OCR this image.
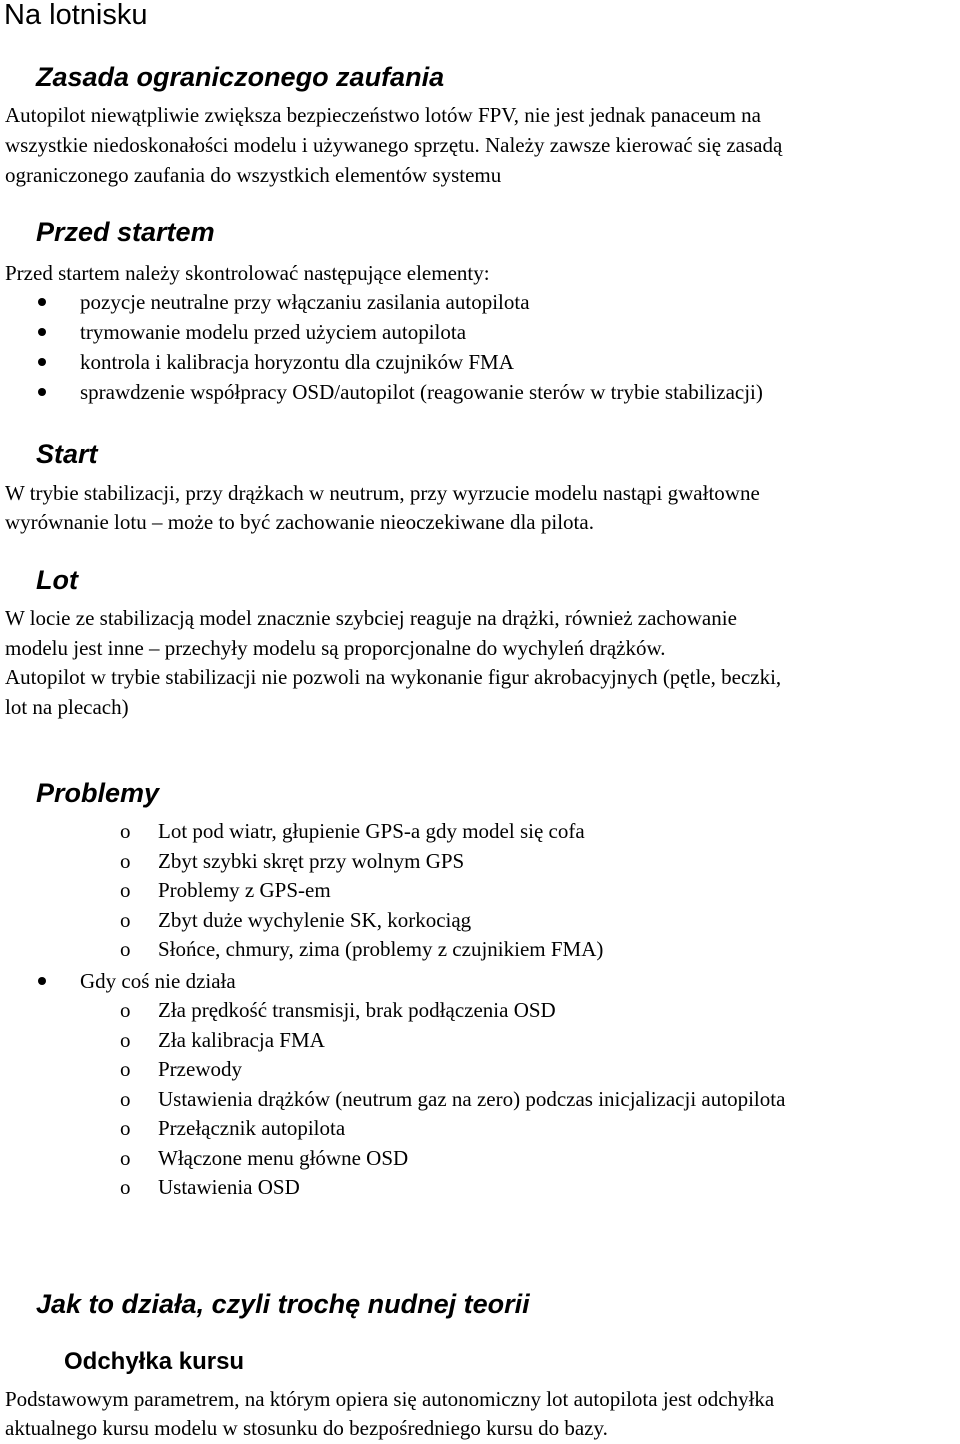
Na lotnisku
Zasada ograniczonego zaufania
Autopilot niewątpliwie zwiększa bezpieczeństwo lotów FPV, nie jest jednak panaceum na
wszystkie niedoskonałości modelu i używanego sprzętu. Należy zawsze kierować się zasadą
ograniczonego zaufania do wszystkich elementów systemu
Przed startem
Przed startem należy skontrolować następujące elementy:
pozycje neutralne przy włączaniu zasilania autopilota
trymowanie modelu przed użyciem autopilota
kontrola i kalibracja horyzontu dla czujników FMA
sprawdzenie współpracy OSD/autopilot (reagowanie sterów w trybie stabilizacji)
Start
W trybie stabilizacji, przy drążkach w neutrum, przy wyrzucie modelu nastąpi gwałtowne
wyrównanie lotu – może to być zachowanie nieoczekiwane dla pilota.
Lot
W locie ze stabilizacją model znacznie szybciej reaguje na drążki, również zachowanie
modelu jest inne – przechyły modelu są proporcjonalne do wychyleń drążków.
Autopilot w trybie stabilizacji nie pozwoli na wykonanie figur akrobacyjnych (pętle, beczki,
lot na plecach)
Problemy
o Lot pod wiatr, głupienie GPS-a gdy model się cofa
o Zbyt szybki skręt przy wolnym GPS
o Problemy z GPS-em
o Zbyt duże wychylenie SK, korkociąg
o Słońce, chmury, zima (problemy z czujnikiem FMA)
Gdy coś nie działa
o Zła prędkość transmisji, brak podłączenia OSD
o Zła kalibracja FMA
o Przewody
o Ustawienia drążków (neutrum gaz na zero) podczas inicjalizacji autopilota
o Przełącznik autopilota
o Włączone menu główne OSD
o Ustawienia OSD
Jak to działa, czyli trochę nudnej teorii
Odchyłka kursu
Podstawowym parametrem, na którym opiera się autonomiczny lot autopilota jest odchyłka
aktualnego kursu modelu w stosunku do bezpośredniego kursu do bazy.
